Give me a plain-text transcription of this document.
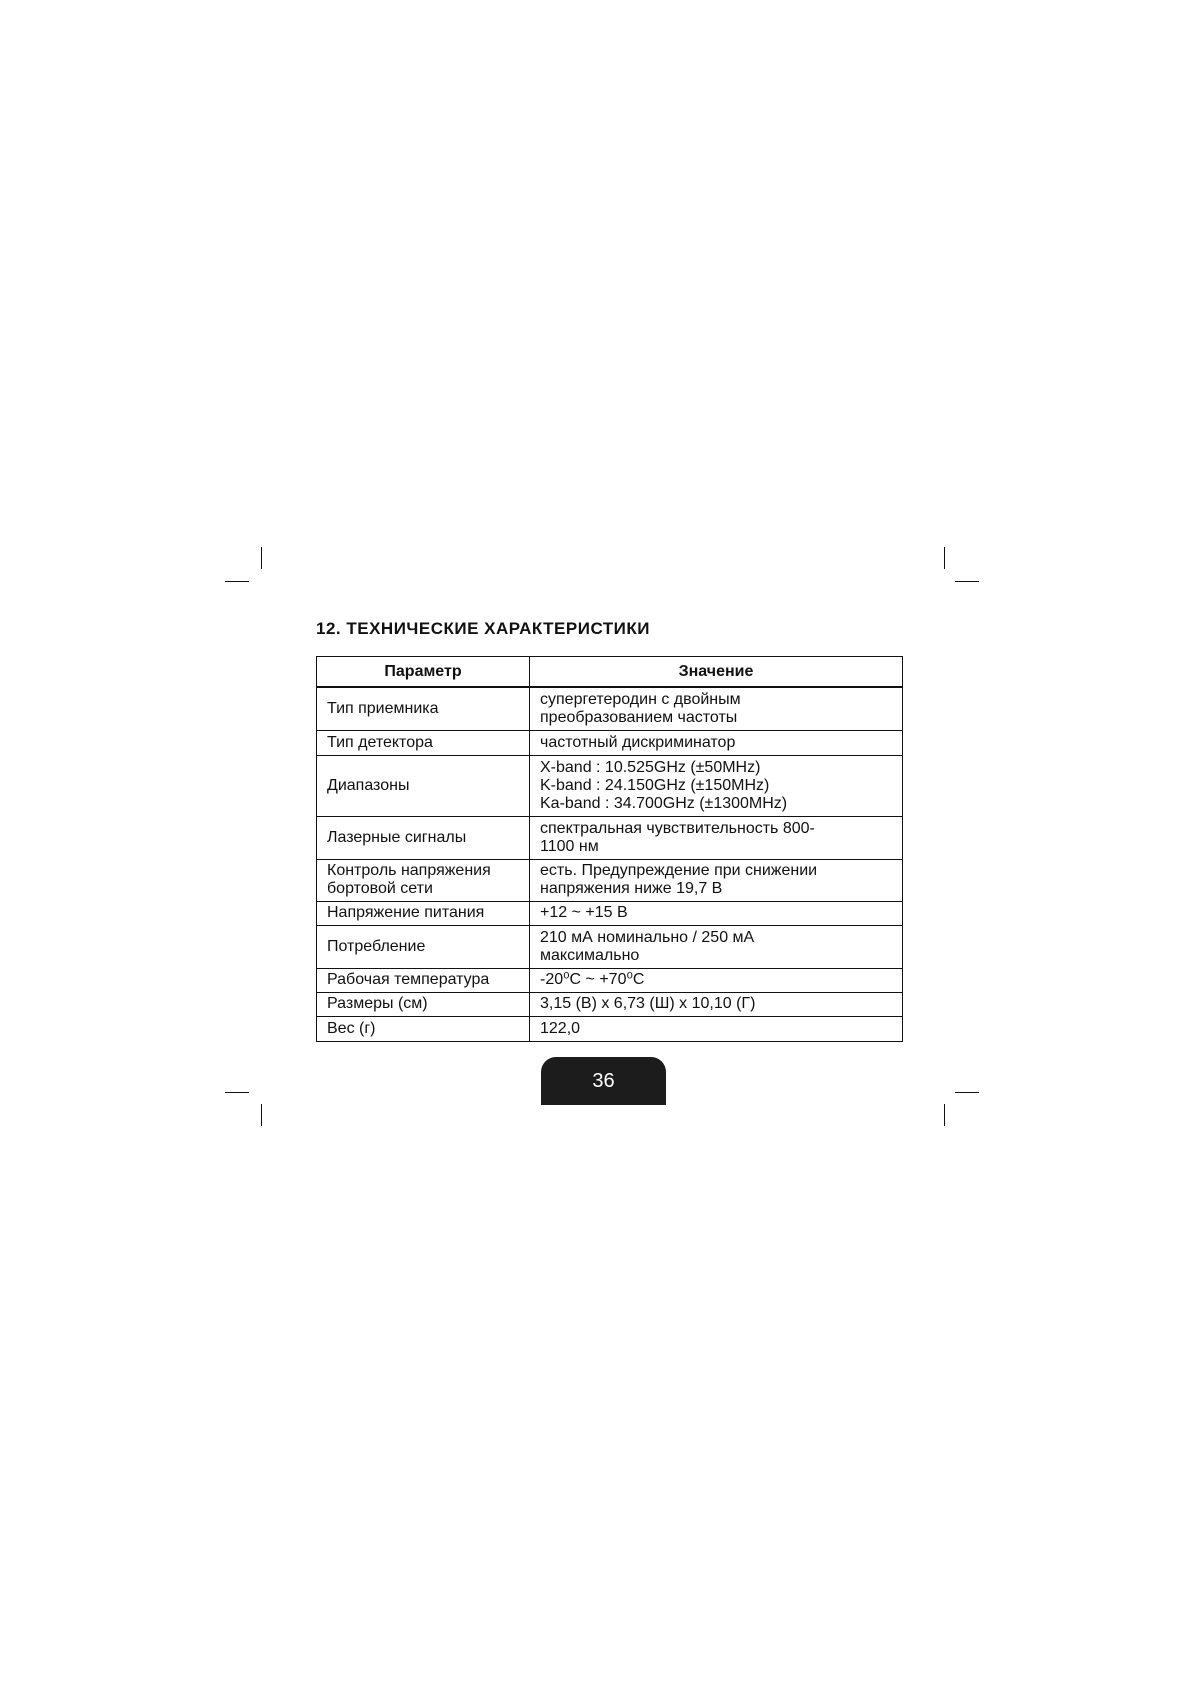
12. ТЕХНИЧЕСКИЕ ХАРАКТЕРИСТИКИ
Параметр	Значение
Тип приемника	супергетеродин с двойным
преобразованием частоты

Тип детектора	частотный дискриминатор

Диапазоны	X-band : 10.525GHz (±50MHz)
K-band : 24.150GHz (±150MHz)
Ka-band : 34.700GHz (±1300MHz)

Лазерные сигналы	спектральная чувствительность 800-
1100 нм

Контроль напряжения
бортовой сети	есть. Предупреждение при снижении
напряжения ниже 19,7 В

Напряжение питания	+12 ~ +15 В

Потребление	210 мА номинально / 250 мА
максимально

Рабочая температура	-20⁰С ~ +70⁰С

Размеры (см)	3,15 (В) x 6,73 (Ш) x 10,10 (Г)

Вес (г)	122,0
36
